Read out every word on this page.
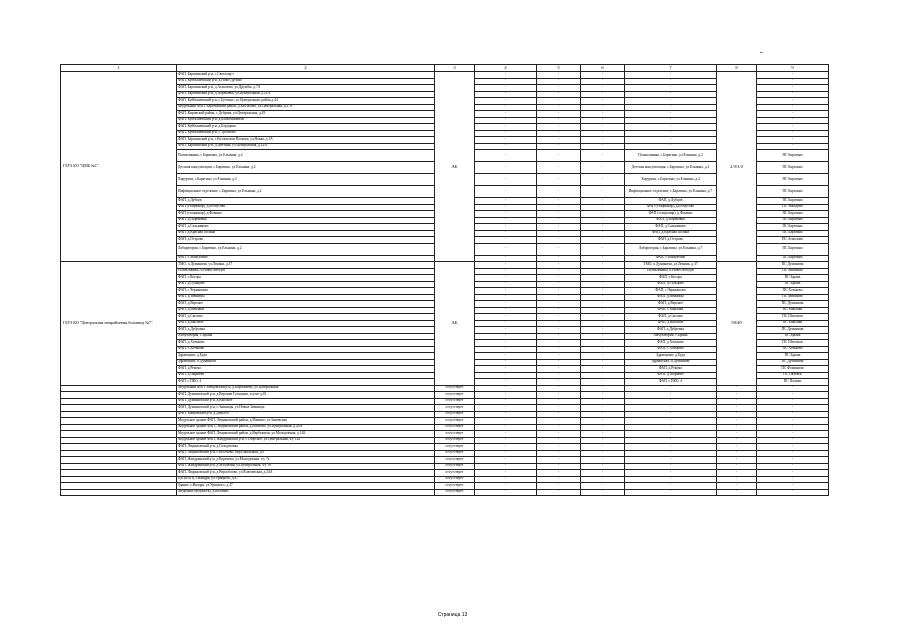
1	2	3	4	5	6	7	8	9
ГБУЗ КО "ЦМБ №1"	ФАП, Баратинский р-н, с.Светлояр-г	АБ	-	-	-	-	2.9/3.0	-
	ФАП, Куйбышевский р-н, д.Ново-Дугино		-	-	-	-		-
	ФАП, Баратинский р-н, д.Асмолово, ул.Дружбы, д.7А		-	-	-	-		-
	ФАП, Баратинский р-н, д.Порековка, ул.Центральная, д.21А		-	-	-	-		-
	ФАП, Куйбышевский р-н, с.Бутчино, ул.Центральная, район д.44		-	-	-	-		-
	Модульный ФАП, Баратинский район, д.Бахлатово, ул.Центральная, д.27А		-	-	-	-		-
	ФАП, Кировский район, с.Дубрава, ул.Центральная, д.29		-	-	-	-		-
	ФАП, Куйбышевский р-н, д.Кильтимовичи		-	-	-	-		-
	ФАП, Куйбышевский р-н, д.Бородино		-	-	-	-		-
	ФАП, Куйбышевский р-н, с.Тросново		-	-	-	-		-
	ФАП, Баратинский р-н, с.Козловская-Потапка, ул.Новая, д.1А		-	-	-	-		-
	ФАП, Баратинский р-н, д.Цветина, ул.Центральная, д.22А		-	-	-	-		-
	Поликлиника, с.Баратино, ул.Ельнина, д.2		-	-	-	Поликлиника, с.Баратино, ул.Ельнина, д.2		ПС Баратино
	Детская консультация, с.Баратино, ул.Ельнина, д.2		-	-	-	Детская консультация, с.Баратино, ул.Ельнина, д.2		ПС Баратино
	Хирургия, с.Баратино, ул.Ельнина, д.2		-	-	-	Хирургия, с.Баратино, ул.Ельнина, д.2		ПС Баратино
	Инфекционное отделение, с.Баратино, ул.Ельнина, д.2		-	-	-	Инфекционное отделение, с.Баратино, ул.Ельнина, д.7		ПС Баратино
	ФАП, д.Дубцов		-	-	-	ФАП, д.Дубцов		ПС Баратино
	ФАП (стационар), д.Белоусово		-	-	-	ФАП (стационар), д.Белоусово		ПС Чикодово
	ФАП (стационар), д.Фомино		-	-	-	ФАП (стационар), д.Фомино		ПС Баратино
	ФАП, д.Порековка		-	-	-	ФАП, д.Порековка		ПС Баратино
	ФАП, д.Сальниково		-	-	-	ФАП, д.Сальниково		ПС Баратино
	ФАП, д.Красная Поляна		-	-	-	ФАП, д.Красная Поляна		ПС Баратино
	ФАП, д.Острово		-	-	-	ФАП, д.Острово		ПС Асмолово
	Лаборатория, с.Баратино, ул.Ельнина, д.2		-	-	-	Лаборатория, с.Баратино, ул.Ельнина, д.7		ПС Баратино
	ФАП, с.Мамуатино		-	-	-	ФАП, с.Мамуатино		ПС Баратино
ГБУЗ КО "Центральная межрайонная больница №7"	ТМО, п.Думиничи, ул.Ленина, д.37	АБ	-	-	-	ТМО, п.Думиничи, ул.Ленина, д.37	58/40	ПС Думиничи
	Поликлиника, п.Новослободск		-	-	-	Поликлиника, п.Новослободск		ПС Мишково
	ФАП, с.Котора		-	-	-	ФАП, с.Котора		ПС Брынь
	ФАП, д.Гульцово		-	-	-	ФАП, д.Гульцово		ПС Брынь
	ФАП, с.Чернышено		-	-	-	ФАП, с.Чернышено		ПС Хотьково
	ФАП, д.Зимницы		-	-	-	ФАП, д.Зимницы		ПС Мишково
	ФАП, д.Вертное		-	-	-	ФАП, д.Вертное		ПС Думиничи
	ФАП, д.Маклаки		-	-	-	ФАП, с.Маклаки		ПС Маклаки
	ФАП, д.Сяглово		-	-	-	ФАП, д.Сяглово		ПС Шеломов
	ФАП, д.Высокое		-	-	-	ФАП, д.Высокое		ПС Маклаки
	ФАП, д.Дубровка		-	-	-	ФАП, д.Дубровка		ПС Думиничи
	Амбулатория, с.Брынь		-	-	-	Амбулатория, с.Брынь		ПС Брынь
	ФАП, д.Хотьково		-	-	-	ФАП, д.Хотьково		ПС Шеломов
	ФАП, с.Хотьково		-	-	-	ФАП, с.Хотьково		ПС Хотьково
	Здравпункт, д.Буда		-	-	-	Здравпункт, д.Буда		ПС Брынь
	Здравпункт, п.Думиничи		-	-	-	Здравпункт, п.Думиничи		ПС Думиничи
	ФАП, д.Рекомо		-	-	-	ФАП, д.Рекомо		ПС Фоминичи
	ФАП, д.Пырнево		-	-	-	ФАП, д.Пырнево		ПС Пятовск
	ФАП, с.ПКО, 4		-	-	-	ФАП, с.ПКО, 4		ПС Палики
	Модульный ФАП, Мещовский р-н, д.Картышево, ул.Центральная	отсутствует	-	-	-	-	-	-
	ФАП, Думиничский р-н, д.Верхние Гульцыно, в р-не д.43	отсутствует	-	-	-	-	-	-
	ФАП, Думиничский р-н, д.Высокое	отсутствует	-	-	-	-	-	-
	ФАП, Думиничский р-н, с.Зимницы, ул.Новые Зимницы	отсутствует	-	-	-	-	-	-
	ФАП, Мещовский р-н, д.Деньгуб	отсутствует	-	-	-	-	-	-
	Модульное здание ФАП, Людиновский район, д.Манино, ул.Зимовская	отсутствует	-	-	-	-	-	-
	Модульное здание ФАП, Людиновский район, д.Войлово, ул.Центральная, д.24А	отсутствует	-	-	-	-	-	-
	Модульное здание ФАП, Людиновский район, д.Вербежичи, ул.Молодежная, д.14Б	отсутствует	-	-	-	-	-	-
	Модульное здание ФАП, Жиздринский р-н, с.Озерское, ул.Центральная, з/у 12а	отсутствует	-	-	-	-	-	-
	ФАП, Людиновский р-н, д.Голодяговка	отсутствует	-	-	-	-	-	-
	ФАП, Людиновский р-н, с.Косочево, пер.Школьный, д.9	отсутствует	-	-	-	-	-	-
	ФАП, Жиздринский р-н, д.Коренево, ул.Молодежная, з/у 7а	отсутствует	-	-	-	-	-	-
	ФАП, Жиздринский р-н, д.Млодечня, ул.Центральная, з/у 1б	отсутствует	-	-	-	-	-	-
	ФАП, Людиновский р-н, д.Верхоблово, ул.Ключевская, д.24А	отсутствует	-	-	-	-	-	-
	ЦП (КОП), г.Жиздра, ул.Урицкого, д.47	отсутствует	-	-	-	-	-	-
	Здание, г.Жиздра, ул.Урицкого, д.47	отсутствует	-	-	-	-	-	-
	Медпункт (ведомств), д.Колчино	отсутствует	-	-	-	-	-	-
Страница 13
